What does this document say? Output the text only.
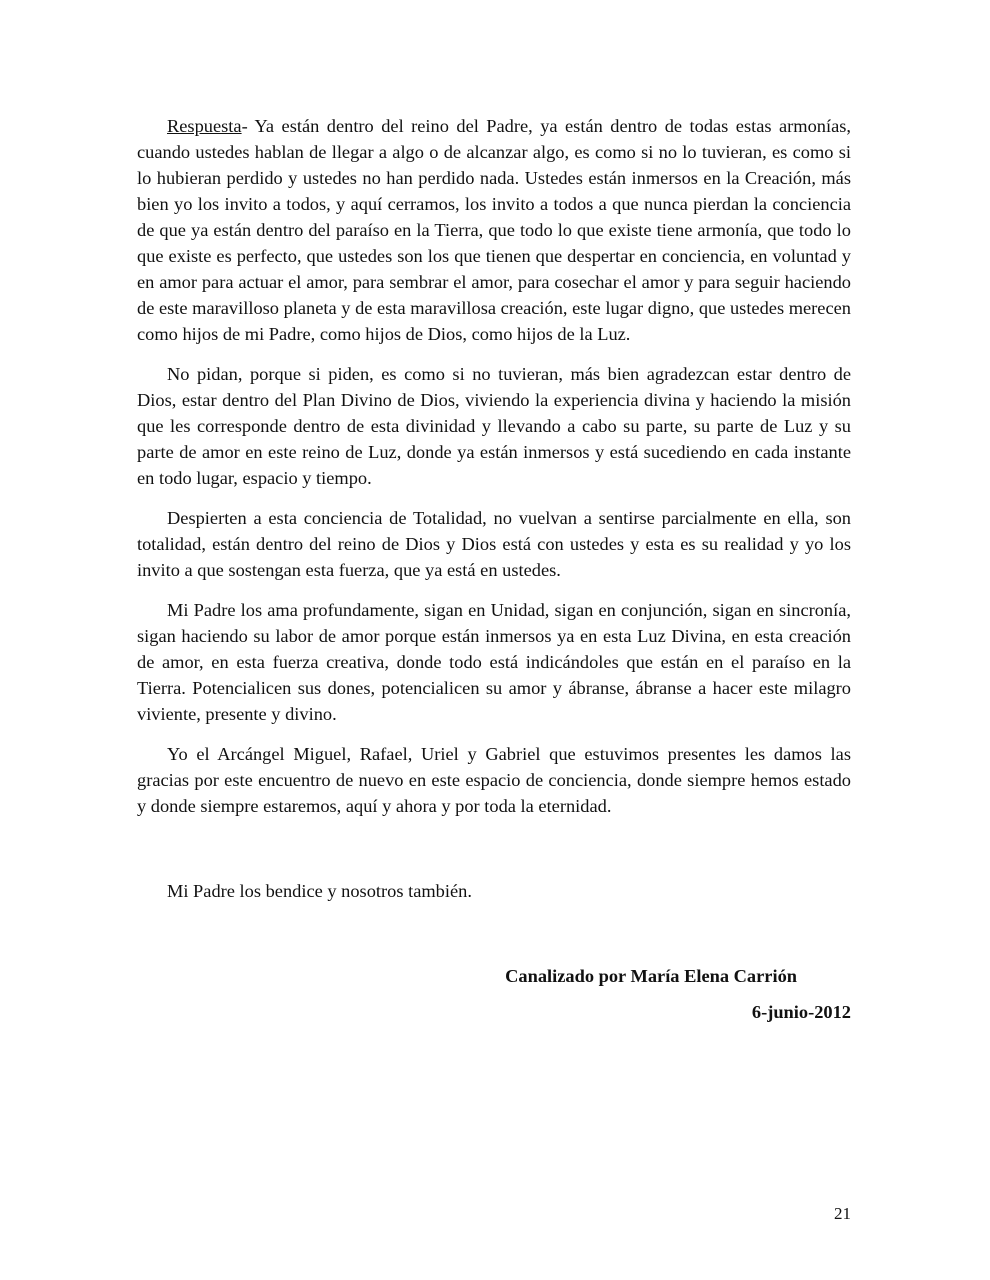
Respuesta- Ya están dentro del reino del Padre, ya están dentro de todas estas armonías, cuando ustedes hablan de llegar a algo o de alcanzar algo, es como si no lo tuvieran, es como si lo hubieran perdido y ustedes no han perdido nada. Ustedes están inmersos en la Creación, más bien yo los invito a todos, y aquí cerramos, los invito a todos a que nunca pierdan la conciencia de que ya están dentro del paraíso en la Tierra, que todo lo que existe tiene armonía, que todo lo que existe es perfecto, que ustedes son los que tienen que despertar en conciencia, en voluntad y en amor para actuar el amor, para sembrar el amor, para cosechar el amor y para seguir haciendo de este maravilloso planeta y de esta maravillosa creación, este lugar digno, que ustedes merecen como hijos de mi Padre, como hijos de Dios, como hijos de la Luz.

No pidan, porque si piden, es como si no tuvieran, más bien agradezcan estar dentro de Dios, estar dentro del Plan Divino de Dios, viviendo la experiencia divina y haciendo la misión que les corresponde dentro de esta divinidad y llevando a cabo su parte, su parte de Luz y su parte de amor en este reino de Luz, donde ya están inmersos y está sucediendo en cada instante en todo lugar, espacio y tiempo.

Despierten a esta conciencia de Totalidad, no vuelvan a sentirse parcialmente en ella, son totalidad, están dentro del reino de Dios y Dios está con ustedes y esta es su realidad y yo los invito a que sostengan esta fuerza, que ya está en ustedes.

Mi Padre los ama profundamente, sigan en Unidad, sigan en conjunción, sigan en sincronía, sigan haciendo su labor de amor porque están inmersos ya en esta Luz Divina, en esta creación de amor, en esta fuerza creativa, donde todo está indicándoles que están en el paraíso en la Tierra. Potencialicen sus dones, potencialicen su amor y ábranse, ábranse a hacer este milagro viviente, presente y divino.

Yo el Arcángel Miguel, Rafael, Uriel y Gabriel que estuvimos presentes les damos las gracias por este encuentro de nuevo en este espacio de conciencia, donde siempre hemos estado y donde siempre estaremos, aquí y ahora y por toda la eternidad.

Mi Padre los bendice y nosotros también.

Canalizado por María Elena Carrión

6-junio-2012

21
